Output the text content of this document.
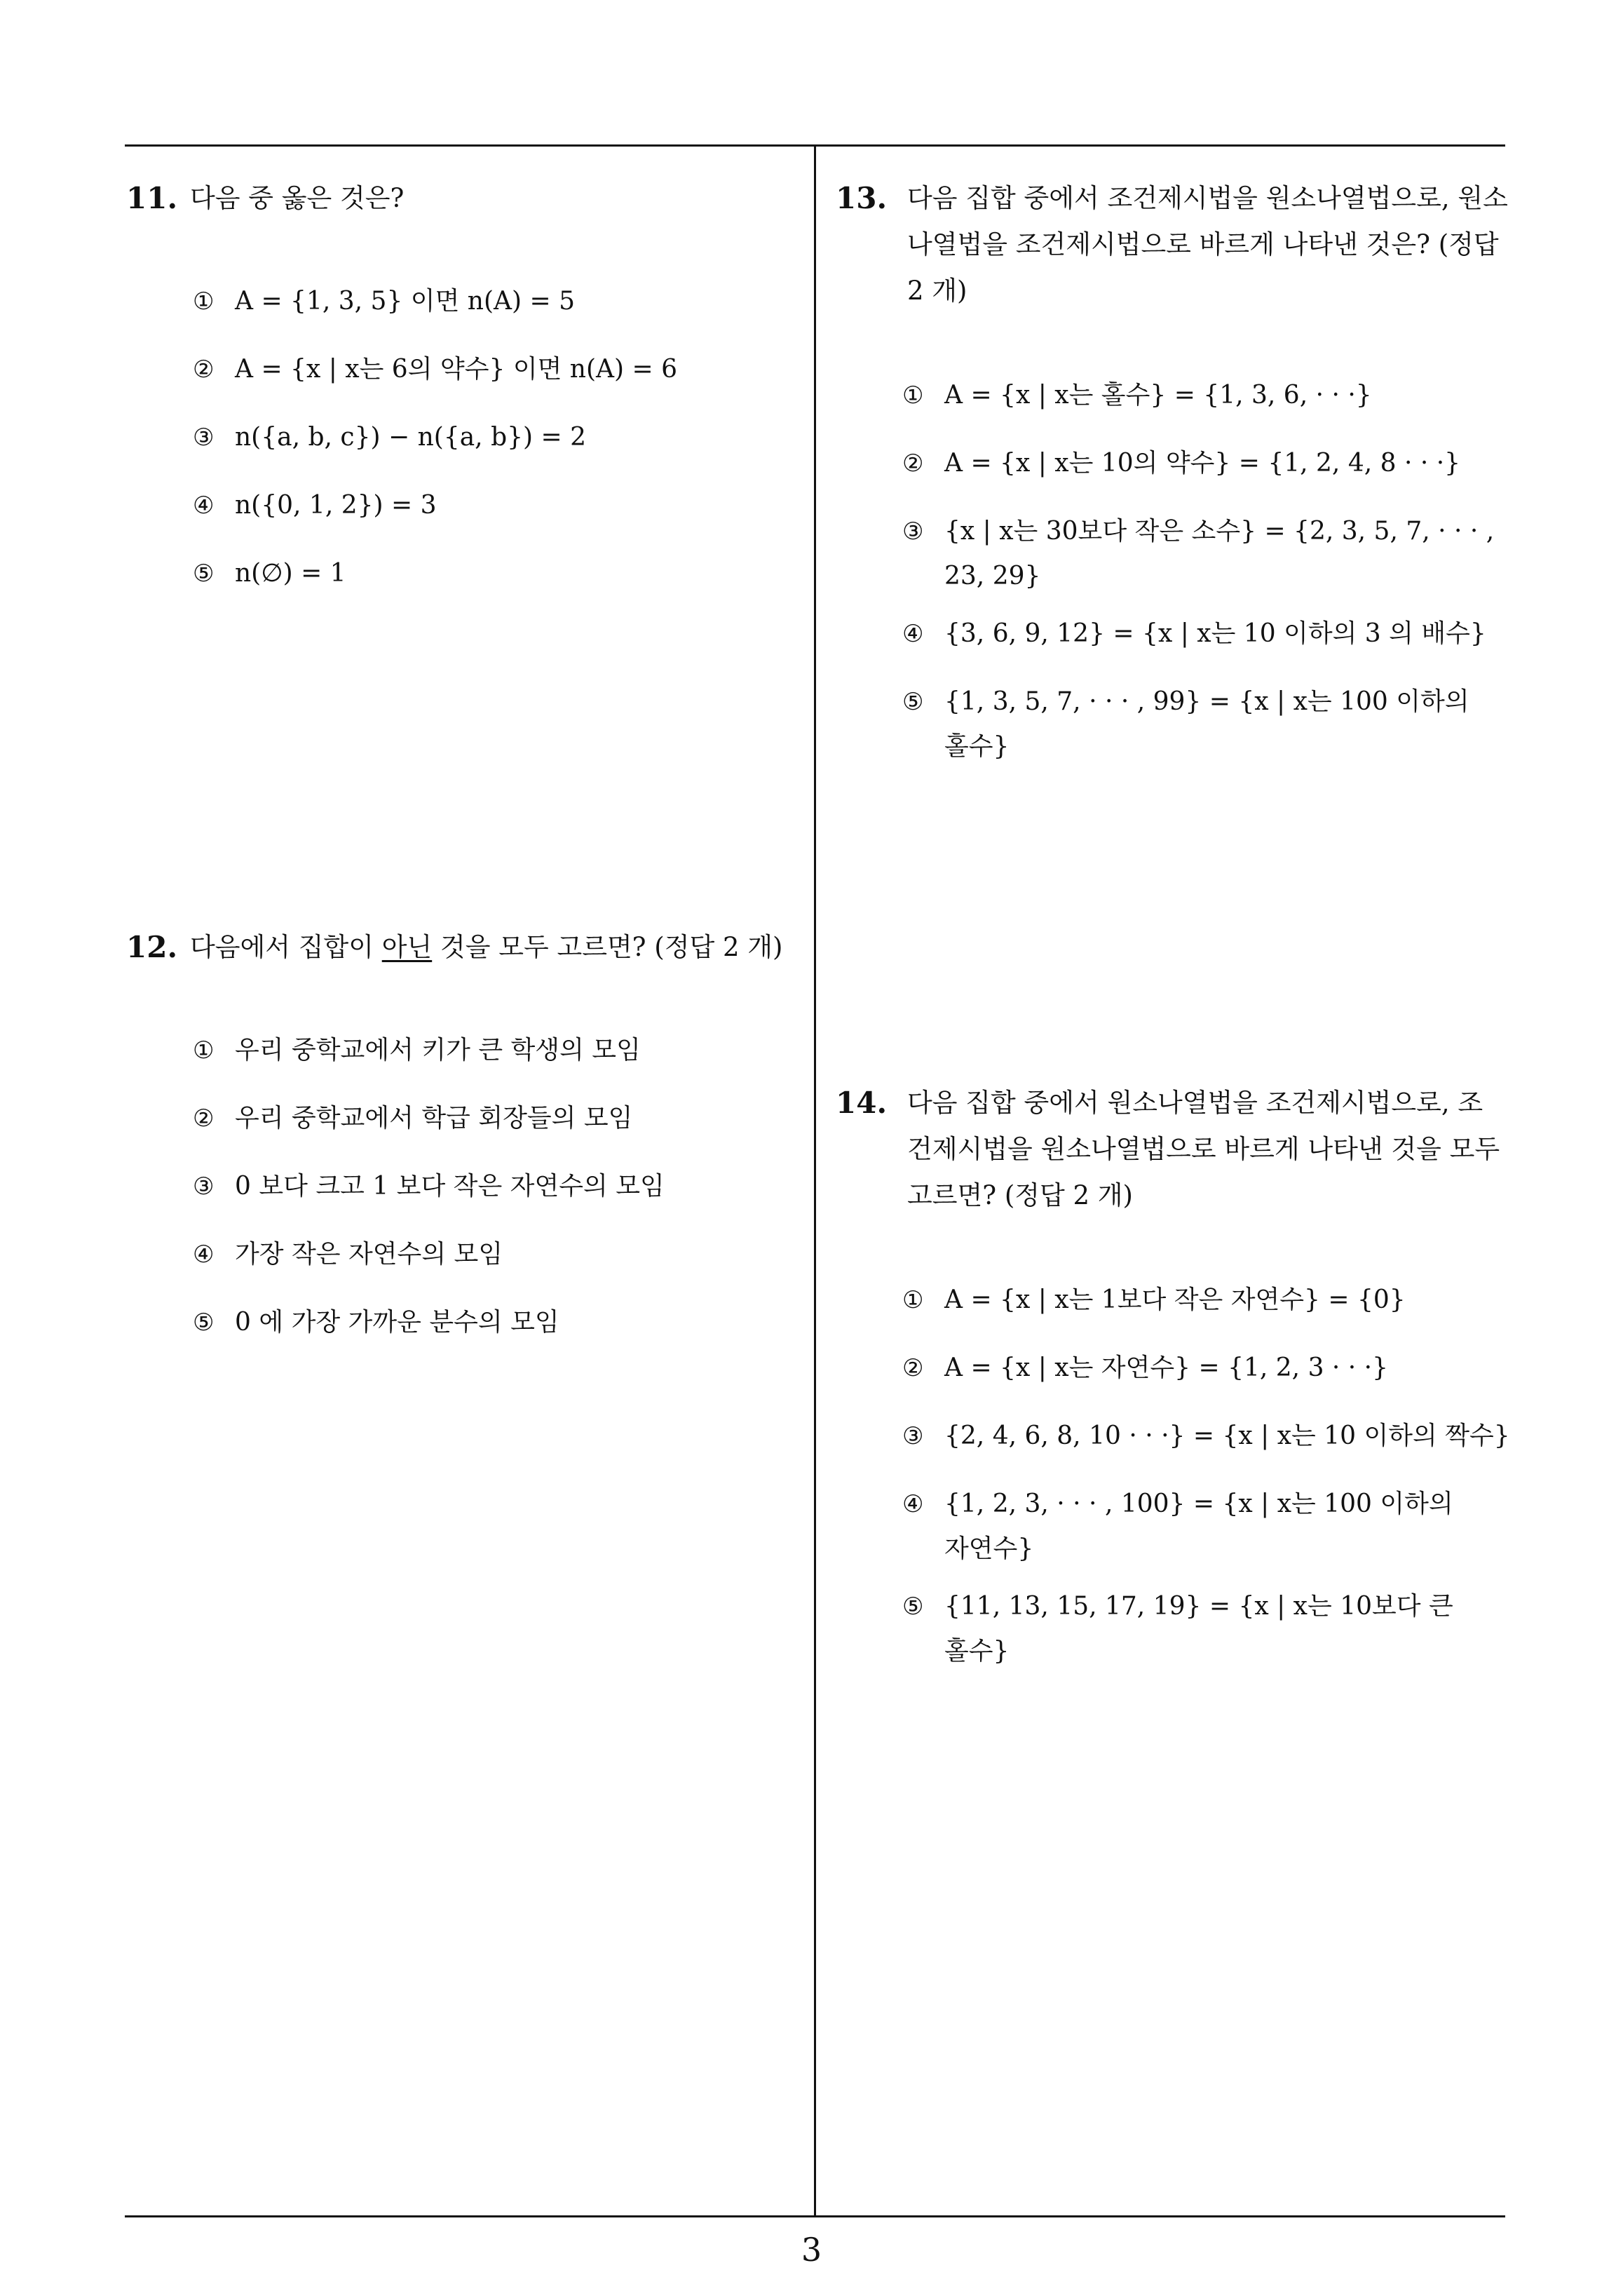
11. 다음 중 옳은 것은?
① A = {1, 3, 5} 이면 n(A) = 5
② A = {x | x는 6의 약수} 이면 n(A) = 6
③ n({a, b, c}) − n({a, b}) = 2
④ n({0, 1, 2}) = 3
⑤ n(∅) = 1
12. 다음에서 집합이 아닌 것을 모두 고르면? (정답 2 개)
① 우리 중학교에서 키가 큰 학생의 모임
② 우리 중학교에서 학급 회장들의 모임
③ 0 보다 크고 1 보다 작은 자연수의 모임
④ 가장 작은 자연수의 모임
⑤ 0 에 가장 가까운 분수의 모임
13. 다음 집합 중에서 조건제시법을 원소나열법으로, 원소
나열법을 조건제시법으로 바르게 나타낸 것은? (정답
2 개)
① A = {x | x는 홀수} = {1, 3, 6, · · ·}
② A = {x | x는 10의 약수} = {1, 2, 4, 8 · · ·}
③ {x | x는 30보다 작은 소수} = {2, 3, 5, 7, · · · ,
23, 29}
④ {3, 6, 9, 12} = {x | x는 10 이하의 3 의 배수}
⑤ {1, 3, 5, 7, · · · , 99} = {x | x는 100 이하의
홀수}
14. 다음 집합 중에서 원소나열법을 조건제시법으로, 조
건제시법을 원소나열법으로 바르게 나타낸 것을 모두
고르면? (정답 2 개)
① A = {x | x는 1보다 작은 자연수} = {0}
② A = {x | x는 자연수} = {1, 2, 3 · · ·}
③ {2, 4, 6, 8, 10 · · ·} = {x | x는 10 이하의 짝수}
④ {1, 2, 3, · · · , 100} = {x | x는 100 이하의
자연수}
⑤ {11, 13, 15, 17, 19} = {x | x는 10보다 큰
홀수}
3
